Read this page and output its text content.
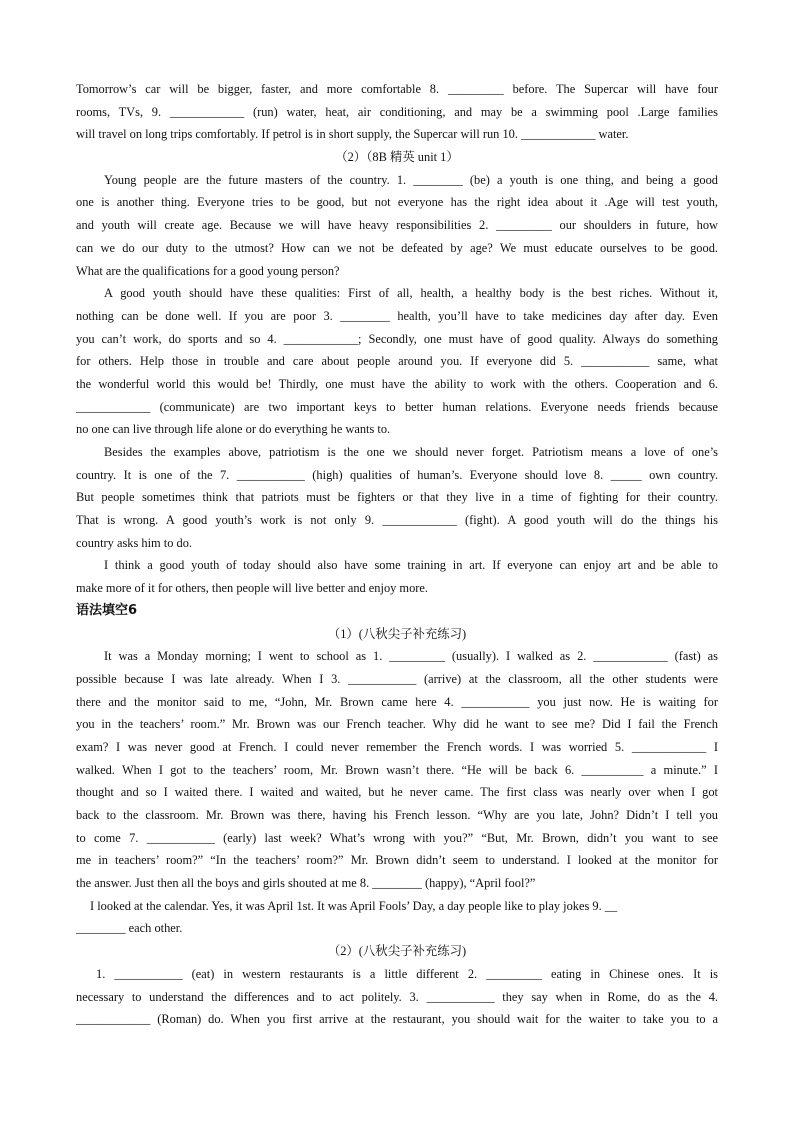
Tomorrow’s car will be bigger, faster, and more comfortable 8. _________ before. The Supercar will have four
rooms, TVs, 9. ____________ (run) water, heat, air conditioning, and may be a swimming pool .Large families
will travel on long trips comfortably. If petrol is in short supply, the Supercar will run 10. ____________ water.
（2）（8B 精英 unit 1）
Young people are the future masters of the country. 1. ________ (be) a youth is one thing, and being a good
one is another thing. Everyone tries to be good, but not everyone has the right idea about it .Age will test youth,
and youth will create age. Because we will have heavy responsibilities 2. _________ our shoulders in future, how
can we do our duty to the utmost? How can we not be defeated by age? We must educate ourselves to be good.
What are the qualifications for a good young person?
A good youth should have these qualities: First of all, health, a healthy body is the best riches. Without it,
nothing can be done well. If you are poor 3. ________ health, you’ll have to take medicines day after day. Even
you can’t work, do sports and so 4. ____________; Secondly, one must have of good quality. Always do something
for others. Help those in trouble and care about people around you. If everyone did 5. ___________ same, what
the wonderful world this would be! Thirdly, one must have the ability to work with the others. Cooperation and 6.
____________ (communicate) are two important keys to better human relations. Everyone needs friends because
no one can live through life alone or do everything he wants to.
Besides the examples above, patriotism is the one we should never forget. Patriotism means a love of one’s
country. It is one of the 7. ___________ (high) qualities of human’s. Everyone should love 8. _____ own country.
But people sometimes think that patriots must be fighters or that they live in a time of fighting for their country.
That is wrong. A good youth’s work is not only 9. ____________ (fight). A good youth will do the things his
country asks him to do.
I think a good youth of today should also have some training in art. If everyone can enjoy art and be able to
make more of it for others, then people will live better and enjoy more.
语法填空6
（1）(八秋尖子补充练习)
It was a Monday morning; I went to school as 1. _________ (usually). I walked as 2. ____________ (fast) as
possible because I was late already. When I 3. ___________ (arrive) at the classroom, all the other students were
there and the monitor said to me, “John, Mr. Brown came here 4. ___________ you just now. He is waiting for
you in the teachers’ room.” Mr. Brown was our French teacher. Why did he want to see me? Did I fail the French
exam? I was never good at French. I could never remember the French words. I was worried 5. ____________ I
walked. When I got to the teachers’ room, Mr. Brown wasn’t there. “He will be back 6. __________ a minute.” I
thought and so I waited there. I waited and waited, but he never came. The first class was nearly over when I got
back to the classroom. Mr. Brown was there, having his French lesson. “Why are you late, John? Didn’t I tell you
to come 7. ___________ (early) last week? What’s wrong with you?” “But, Mr. Brown, didn’t you want to see
me in teachers’ room?” “In the teachers’ room?” Mr. Brown didn’t seem to understand. I looked at the monitor for
the answer. Just then all the boys and girls shouted at me 8. ________ (happy), “April fool?”
I looked at the calendar. Yes, it was April 1st. It was April Fools’ Day, a day people like to play jokes 9. __
________ each other.
（2）(八秋尖子补充练习)
1. ___________ (eat) in western restaurants is a little different 2. _________ eating in Chinese ones. It is
necessary to understand the differences and to act politely. 3. ___________ they say when in Rome, do as the 4.
____________ (Roman) do. When you first arrive at the restaurant, you should wait for the waiter to take you to a
